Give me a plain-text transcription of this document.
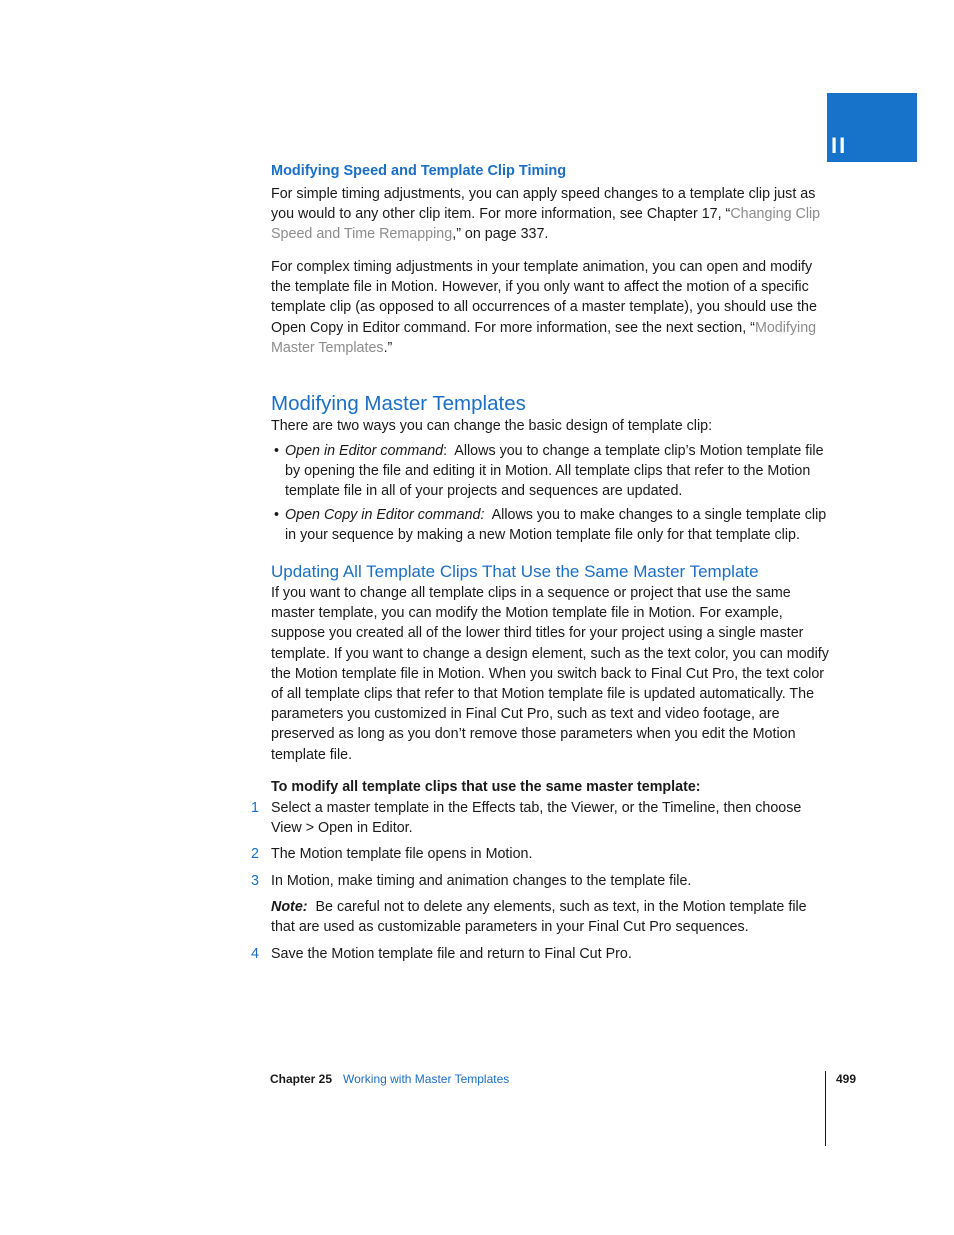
II
Modifying Speed and Template Clip Timing
For simple timing adjustments, you can apply speed changes to a template clip just as you would to any other clip item. For more information, see Chapter 17, “Changing Clip Speed and Time Remapping,” on page 337.
For complex timing adjustments in your template animation, you can open and modify the template file in Motion. However, if you only want to affect the motion of a specific template clip (as opposed to all occurrences of a master template), you should use the Open Copy in Editor command. For more information, see the next section, “Modifying Master Templates.”
Modifying Master Templates
There are two ways you can change the basic design of template clip:
• Open in Editor command:  Allows you to change a template clip’s Motion template file by opening the file and editing it in Motion. All template clips that refer to the Motion template file in all of your projects and sequences are updated.
• Open Copy in Editor command: Allows you to make changes to a single template clip in your sequence by making a new Motion template file only for that template clip.
Updating All Template Clips That Use the Same Master Template
If you want to change all template clips in a sequence or project that use the same master template, you can modify the Motion template file in Motion. For example, suppose you created all of the lower third titles for your project using a single master template. If you want to change a design element, such as the text color, you can modify the Motion template file in Motion. When you switch back to Final Cut Pro, the text color of all template clips that refer to that Motion template file is updated automatically. The parameters you customized in Final Cut Pro, such as text and video footage, are preserved as long as you don’t remove those parameters when you edit the Motion template file.
To modify all template clips that use the same master template:
1 Select a master template in the Effects tab, the Viewer, or the Timeline, then choose View > Open in Editor.
2 The Motion template file opens in Motion.
3 In Motion, make timing and animation changes to the template file.
Note: Be careful not to delete any elements, such as text, in the Motion template file that are used as customizable parameters in your Final Cut Pro sequences.
4 Save the Motion template file and return to Final Cut Pro.
Chapter 25 Working with Master Templates	499
